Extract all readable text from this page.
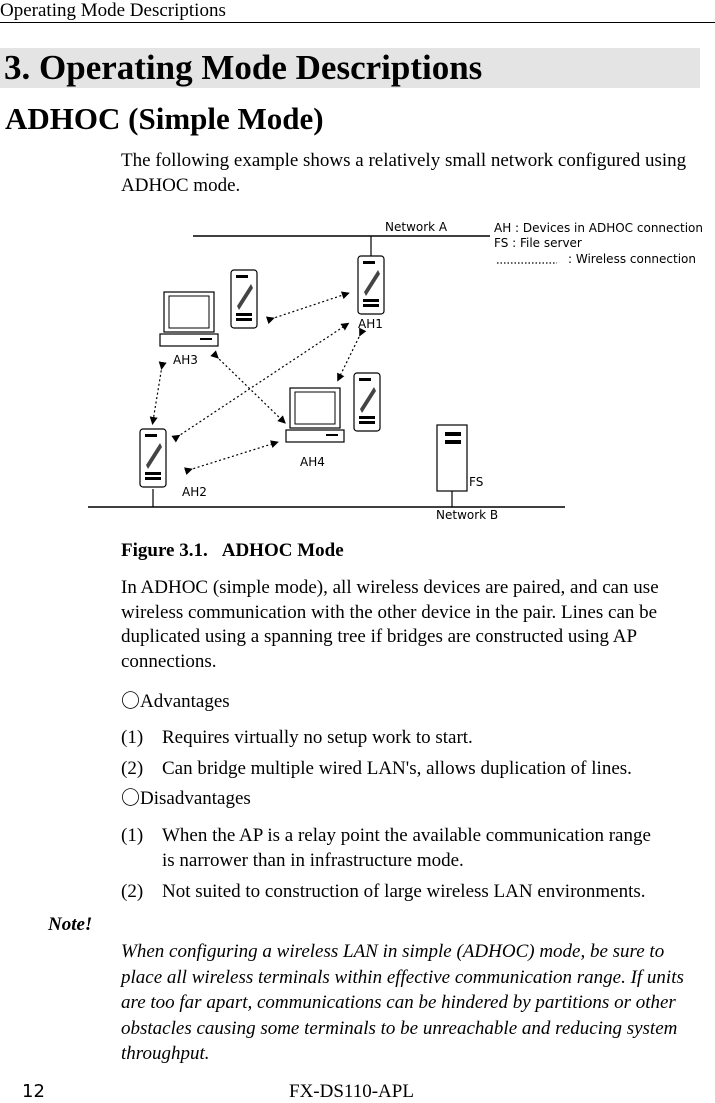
Operating Mode Descriptions
3. Operating Mode Descriptions
ADHOC (Simple Mode)

The following example shows a relatively small network configured using ADHOC mode.

Network A	AH : Devices in ADHOC connection
FS : File server
: Wireless connection
AH1
AH3
AH4
AH2
FS
Network B
Figure 3.1. ADHOC Mode

In ADHOC (simple mode), all wireless devices are paired, and can use wireless communication with the other device in the pair. Lines can be duplicated using a spanning tree if bridges are constructed using AP connections.

〇Advantages
(1) Requires virtually no setup work to start.
(2) Can bridge multiple wired LAN's, allows duplication of lines.
〇Disadvantages
(1) When the AP is a relay point the available communication range is narrower than in infrastructure mode.
(2) Not suited to construction of large wireless LAN environments.
Note!

When configuring a wireless LAN in simple (ADHOC) mode, be sure to place all wireless terminals within effective communication range. If units are too far apart, communications can be hindered by partitions or other obstacles causing some terminals to be unreachable and reducing system throughput.

12	FX-DS110-APL
